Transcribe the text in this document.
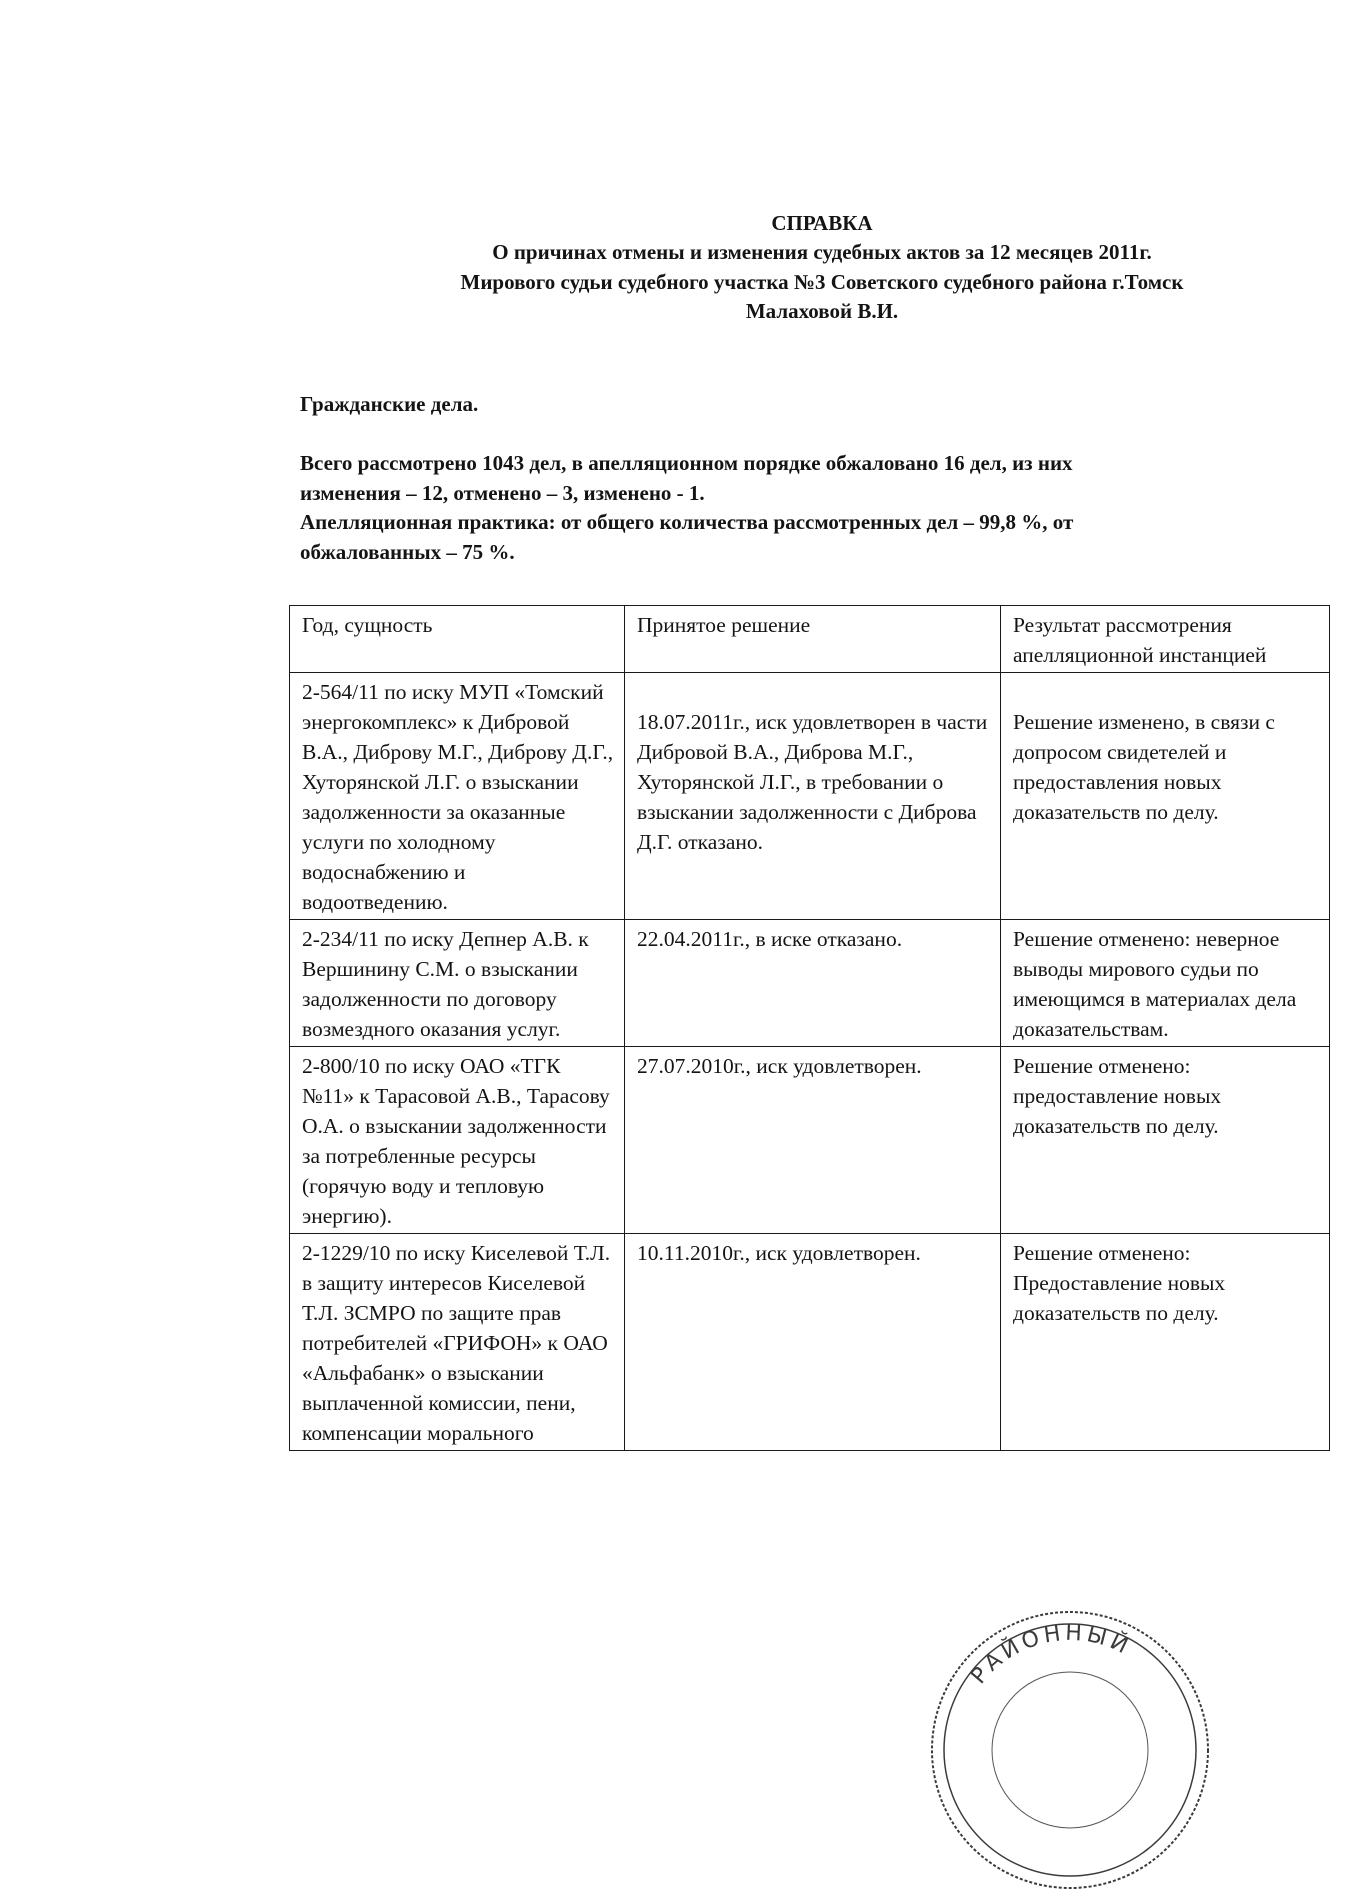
СПРАВКА
О причинах отмены и изменения судебных актов за 12 месяцев 2011г.
Мирового судьи судебного участка №3 Советского судебного района г.Томск
Малаховой В.И.
Гражданские дела.
Всего рассмотрено 1043 дел, в апелляционном порядке обжаловано 16 дел, из них
изменения – 12, отменено – 3, изменено - 1.
Апелляционная практика: от общего количества рассмотренных дел – 99,8 %, от
обжалованных – 75 %.
Год, сущность	Принятое решение	Результат рассмотрения апелляционной инстанцией
2-564/11 по иску МУП «Томский энергокомплекс» к Дибровой В.А., Диброву М.Г., Диброву Д.Г., Хуторянской Л.Г. о взыскании задолженности за оказанные услуги по холодному водоснабжению и водоотведению.	18.07.2011г., иск удовлетворен в части Дибровой В.А., Диброва М.Г., Хуторянской Л.Г., в требовании о взыскании задолженности с Диброва Д.Г. отказано.	Решение изменено, в связи с допросом свидетелей и предоставления новых доказательств по делу.
2-234/11 по иску Депнер А.В. к Вершинину С.М. о взыскании задолженности по договору возмездного оказания услуг.	22.04.2011г., в иске отказано.	Решение отменено: неверное выводы мирового судьи по имеющимся в материалах дела доказательствам.
2-800/10 по иску ОАО «ТГК №11» к Тарасовой А.В., Тарасову О.А. о взыскании задолженности за потребленные ресурсы (горячую воду и тепловую энергию).	27.07.2010г., иск удовлетворен.	Решение отменено: предоставление новых доказательств по делу.
2-1229/10 по иску Киселевой Т.Л. в защиту интересов Киселевой Т.Л. ЗСМРО по защите прав потребителей «ГРИФОН» к ОАО «Альфабанк» о взыскании выплаченной комиссии, пени, компенсации морального	10.11.2010г., иск удовлетворен.	Решение отменено: Предоставление новых доказательств по делу.
РАЙОННЫЙ
